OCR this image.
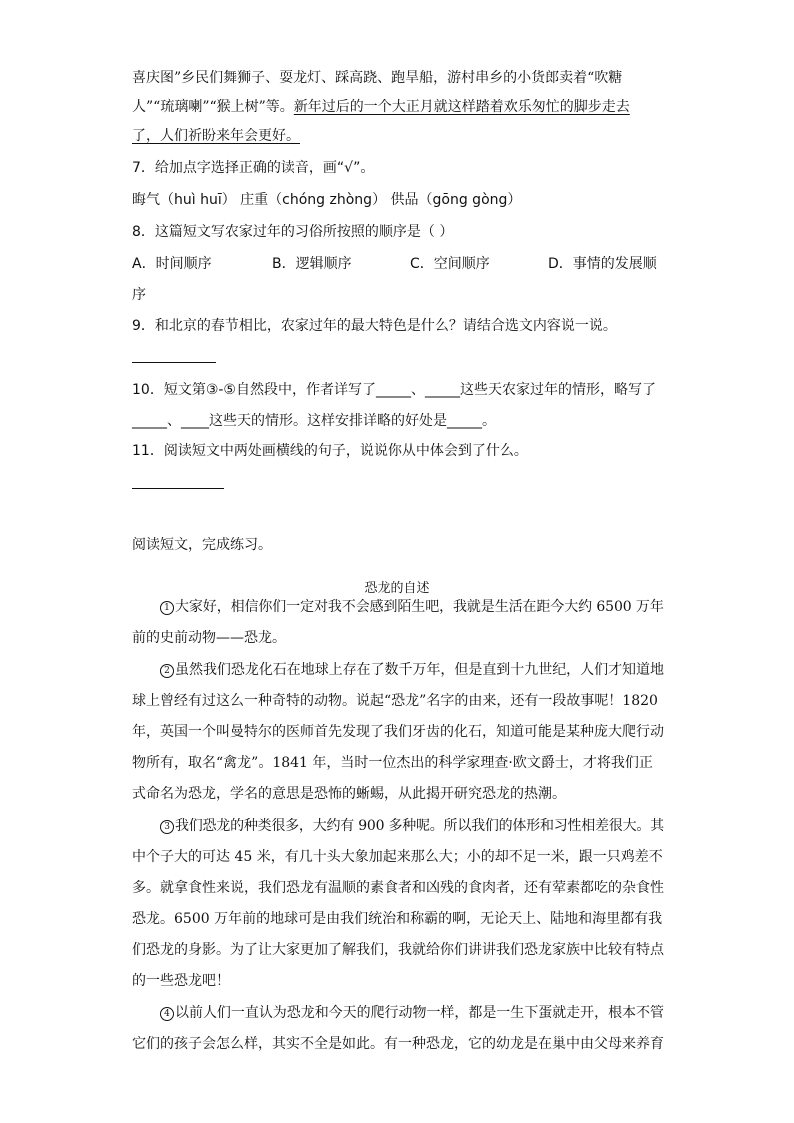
喜庆图”乡民们舞狮子、耍龙灯、踩高跷、跑旱船，游村串乡的小货郎卖着“吹糖

人”“琉璃喇”“猴上树”等。新年过后的一个大正月就这样踏着欢乐匆忙的脚步走去

了，人们祈盼来年会更好。

7．给加点字选择正确的读音，画“√”。

晦气（huì huī） 庄重（chóng zhòng） 供品（gōng gòng）

8．这篇短文写农家过年的习俗所按照的顺序是（ ）

A．时间顺序	B．逻辑顺序	C．空间顺序	D．事情的发展顺

序

9．和北京的春节相比，农家过年的最大特色是什么？请结合选文内容说一说。

10．短文第③-⑤自然段中，作者详写了_____、_____这些天农家过年的情形，略写了

_____、____这些天的情形。这样安排详略的好处是_____。

11．阅读短文中两处画横线的句子，说说你从中体会到了什么。

阅读短文，完成练习。

恐龙的自述

1 大家好，相信你们一定对我不会感到陌生吧，我就是生活在距今大约 6500 万年

前的史前动物——恐龙。

2 虽然我们恐龙化石在地球上存在了数千万年，但是直到十九世纪，人们才知道地

球上曾经有过这么一种奇特的动物。说起“恐龙”名字的由来，还有一段故事呢！1820

年，英国一个叫曼特尔的医师首先发现了我们牙齿的化石，知道可能是某种庞大爬行动

物所有，取名“禽龙”。1841 年，当时一位杰出的科学家理查·欧文爵士，才将我们正

式命名为恐龙，学名的意思是恐怖的蜥蜴，从此揭开研究恐龙的热潮。

3 我们恐龙的种类很多，大约有 900 多种呢。所以我们的体形和习性相差很大。其

中个子大的可达 45 米，有几十头大象加起来那么大；小的却不足一米，跟一只鸡差不

多。就拿食性来说，我们恐龙有温顺的素食者和凶残的食肉者，还有荤素都吃的杂食性

恐龙。6500 万年前的地球可是由我们统治和称霸的啊，无论天上、陆地和海里都有我

们恐龙的身影。为了让大家更加了解我们，我就给你们讲讲我们恐龙家族中比较有特点

的一些恐龙吧！

4 以前人们一直认为恐龙和今天的爬行动物一样，都是一生下蛋就走开，根本不管

它们的孩子会怎么样，其实不全是如此。有一种恐龙，它的幼龙是在巢中由父母来养育
